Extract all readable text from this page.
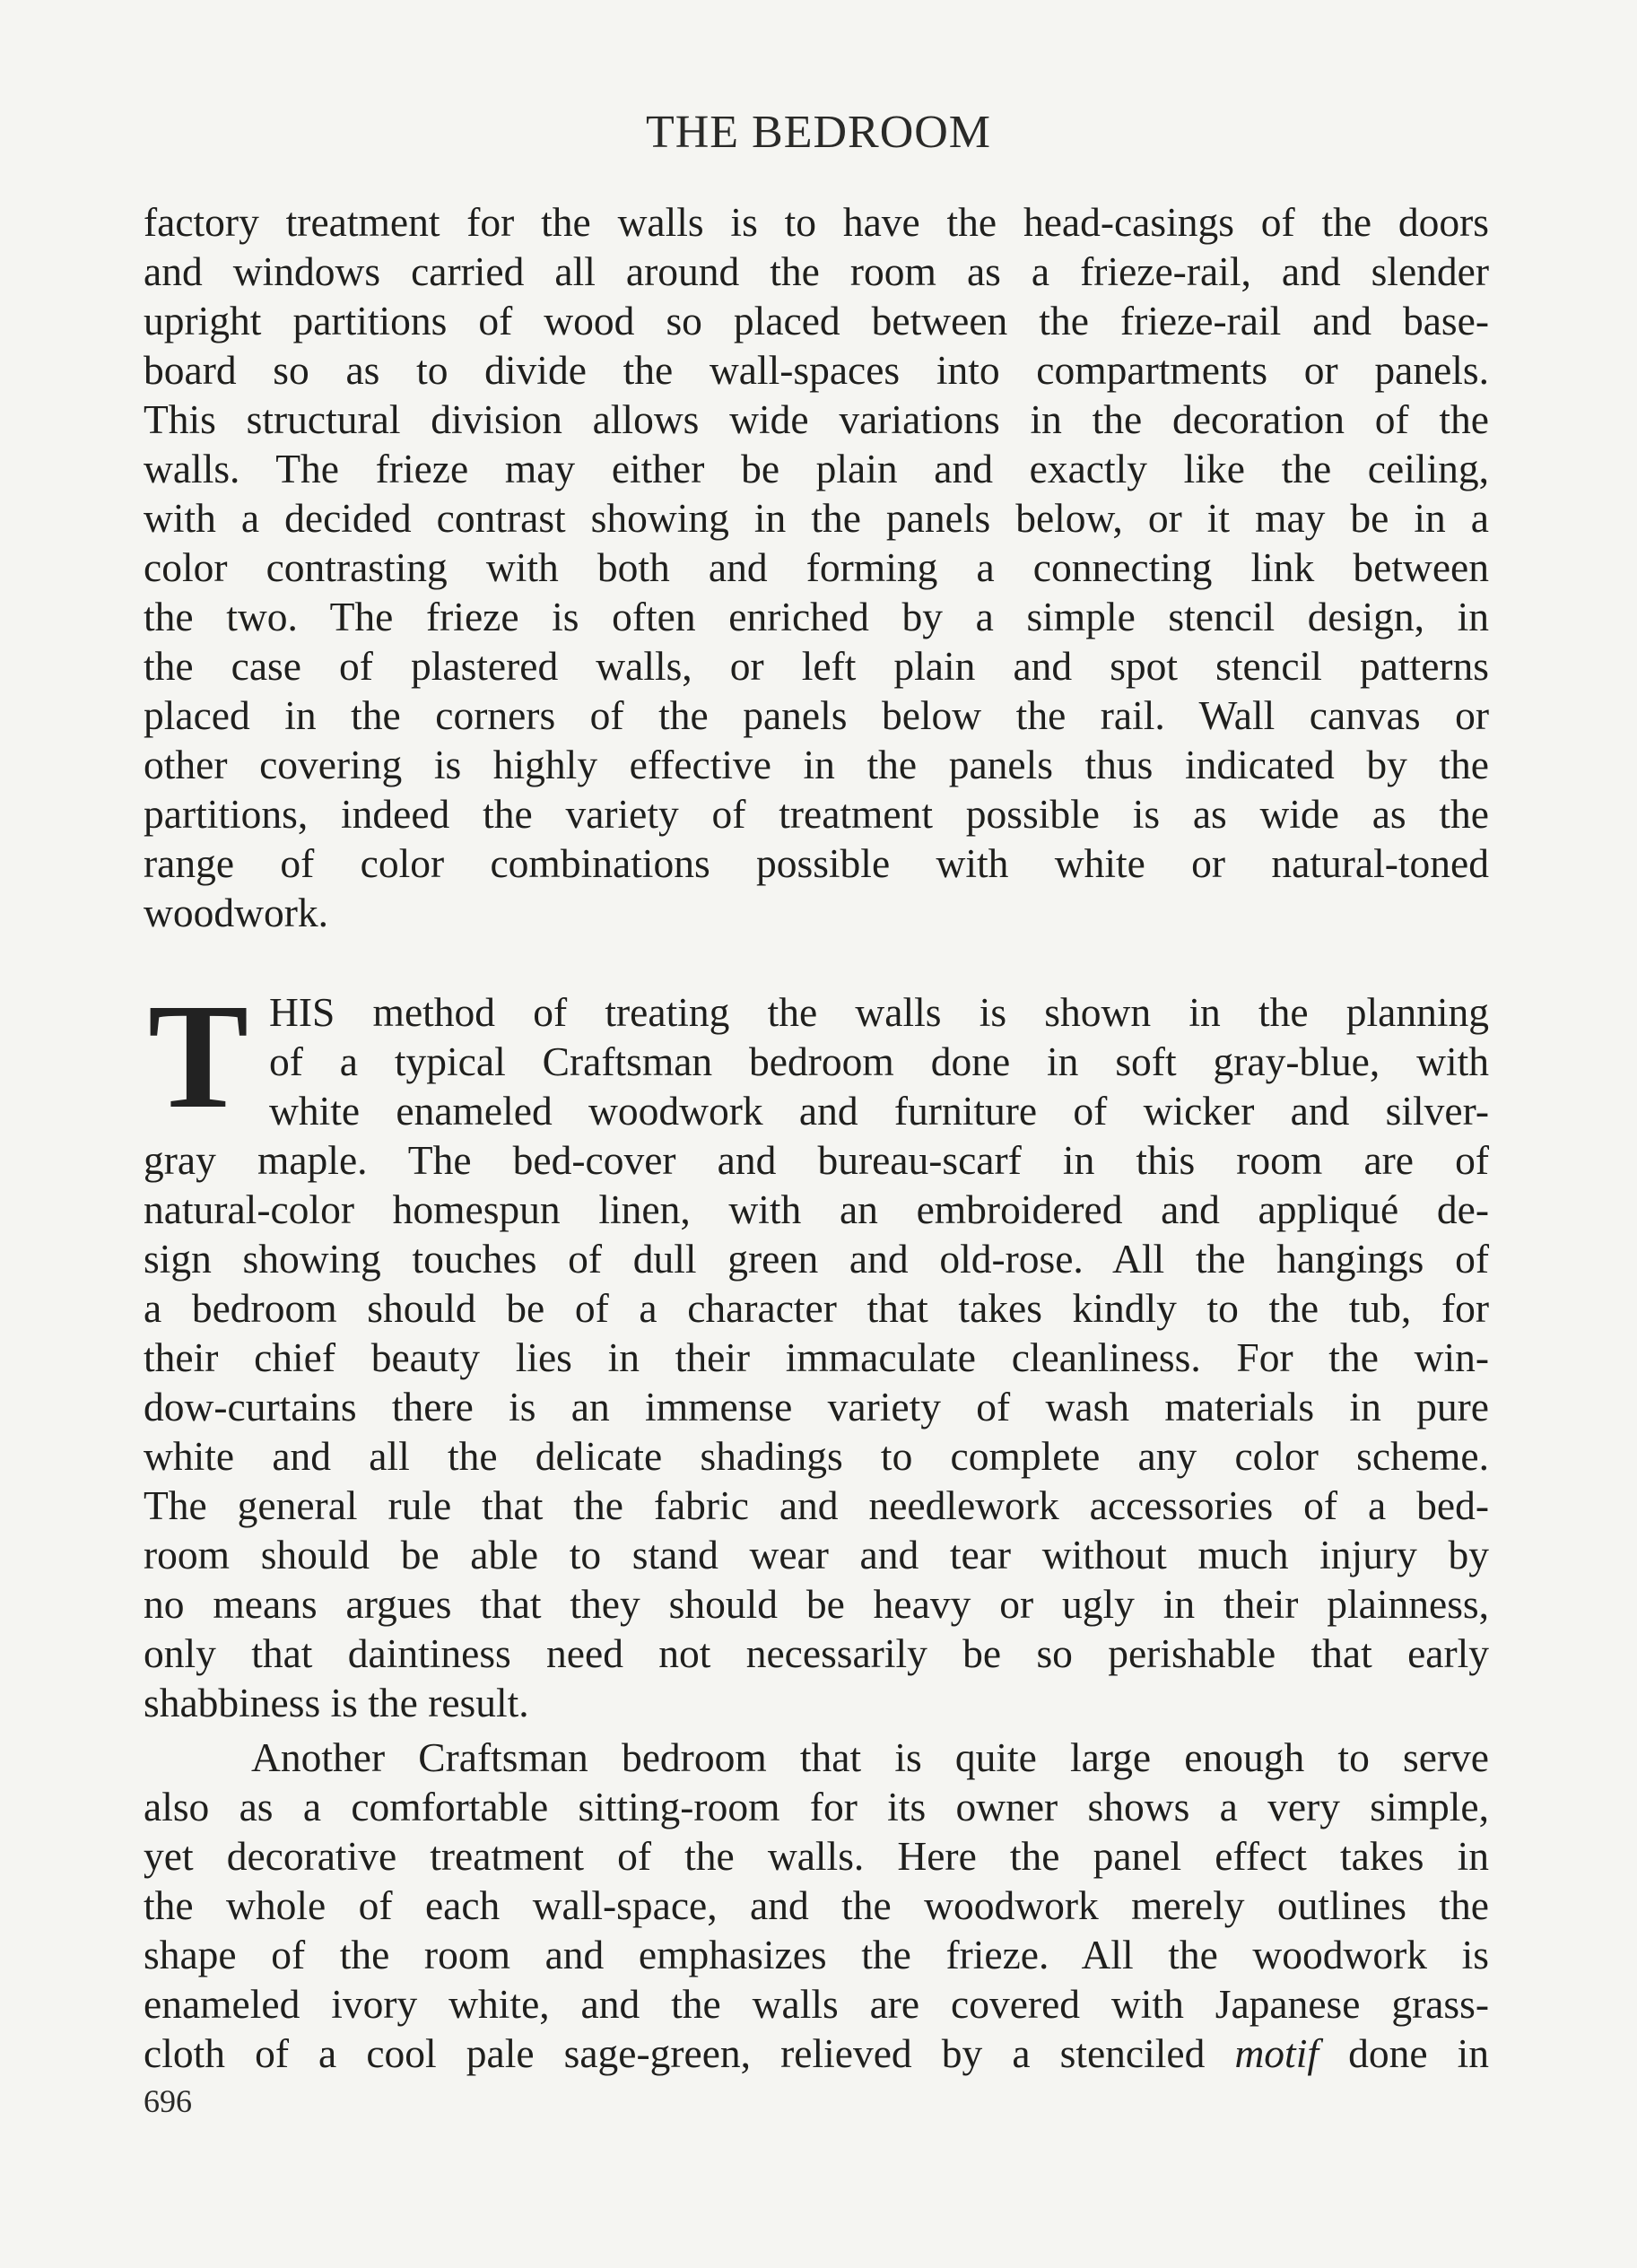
THE BEDROOM
factory treatment for the walls is to have the head-casings of the doors
and windows carried all around the room as a frieze-rail, and slender
upright partitions of wood so placed between the frieze-rail and base-
board so as to divide the wall-spaces into compartments or panels.
This structural division allows wide variations in the decoration of the
walls. The frieze may either be plain and exactly like the ceiling,
with a decided contrast showing in the panels below, or it may be in a
color contrasting with both and forming a connecting link between
the two. The frieze is often enriched by a simple stencil design, in
the case of plastered walls, or left plain and spot stencil patterns
placed in the corners of the panels below the rail. Wall canvas or
other covering is highly effective in the panels thus indicated by the
partitions, indeed the variety of treatment possible is as wide as the
range of color combinations possible with white or natural-toned
woodwork.
T HIS method of treating the walls is shown in the planning
of a typical Craftsman bedroom done in soft gray-blue, with
white enameled woodwork and furniture of wicker and silver-
gray maple. The bed-cover and bureau-scarf in this room are of
natural-color homespun linen, with an embroidered and appliqué de-
sign showing touches of dull green and old-rose. All the hangings of
a bedroom should be of a character that takes kindly to the tub, for
their chief beauty lies in their immaculate cleanliness. For the win-
dow-curtains there is an immense variety of wash materials in pure
white and all the delicate shadings to complete any color scheme.
The general rule that the fabric and needlework accessories of a bed-
room should be able to stand wear and tear without much injury by
no means argues that they should be heavy or ugly in their plainness,
only that daintiness need not necessarily be so perishable that early
shabbiness is the result.
Another Craftsman bedroom that is quite large enough to serve
also as a comfortable sitting-room for its owner shows a very simple,
yet decorative treatment of the walls. Here the panel effect takes in
the whole of each wall-space, and the woodwork merely outlines the
shape of the room and emphasizes the frieze. All the woodwork is
enameled ivory white, and the walls are covered with Japanese grass-
cloth of a cool pale sage-green, relieved by a stenciled motif done in
696
